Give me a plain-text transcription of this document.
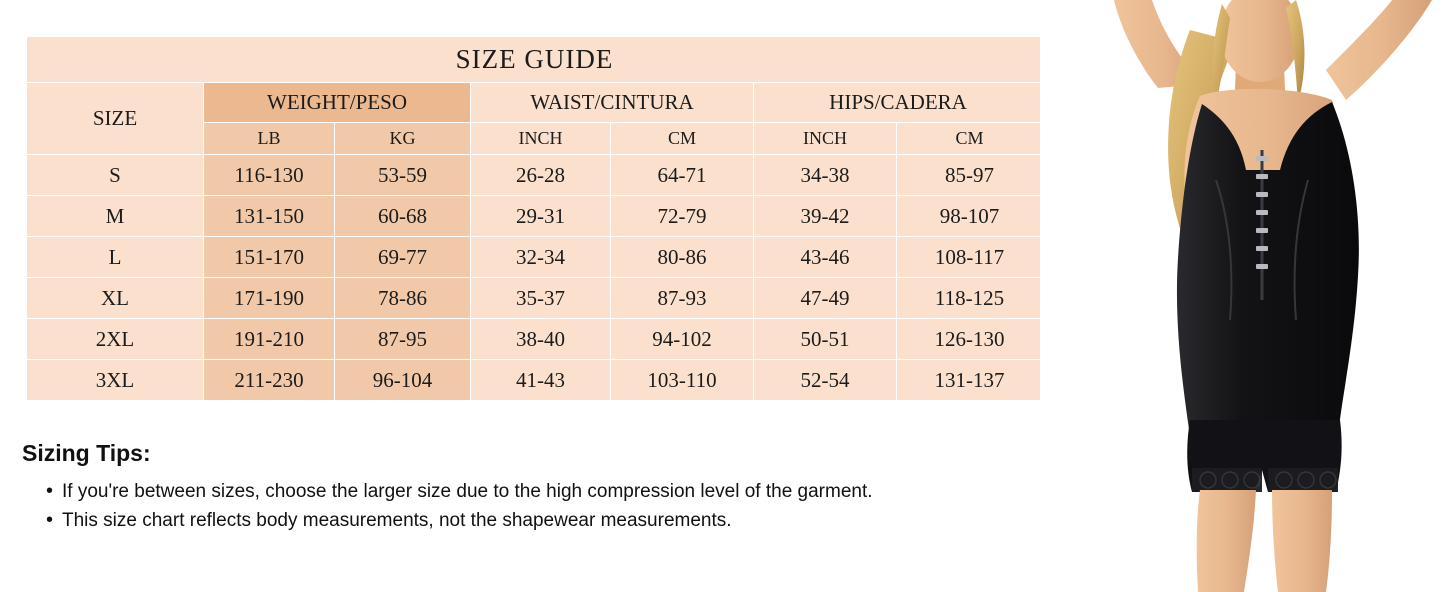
SIZE GUIDE						
SIZE	WEIGHT/PESO		WAIST/CINTURA		HIPS/CADERA	
	LB	KG	INCH	CM	INCH	CM
S	116-130	53-59	26-28	64-71	34-38	85-97
M	131-150	60-68	29-31	72-79	39-42	98-107
L	151-170	69-77	32-34	80-86	43-46	108-117
XL	171-190	78-86	35-37	87-93	47-49	118-125
2XL	191-210	87-95	38-40	94-102	50-51	126-130
3XL	211-230	96-104	41-43	103-110	52-54	131-137
Sizing Tips:
• If you're between sizes, choose the larger size due to the high compression level of the garment.
• This size chart reflects body measurements, not the shapewear measurements.
